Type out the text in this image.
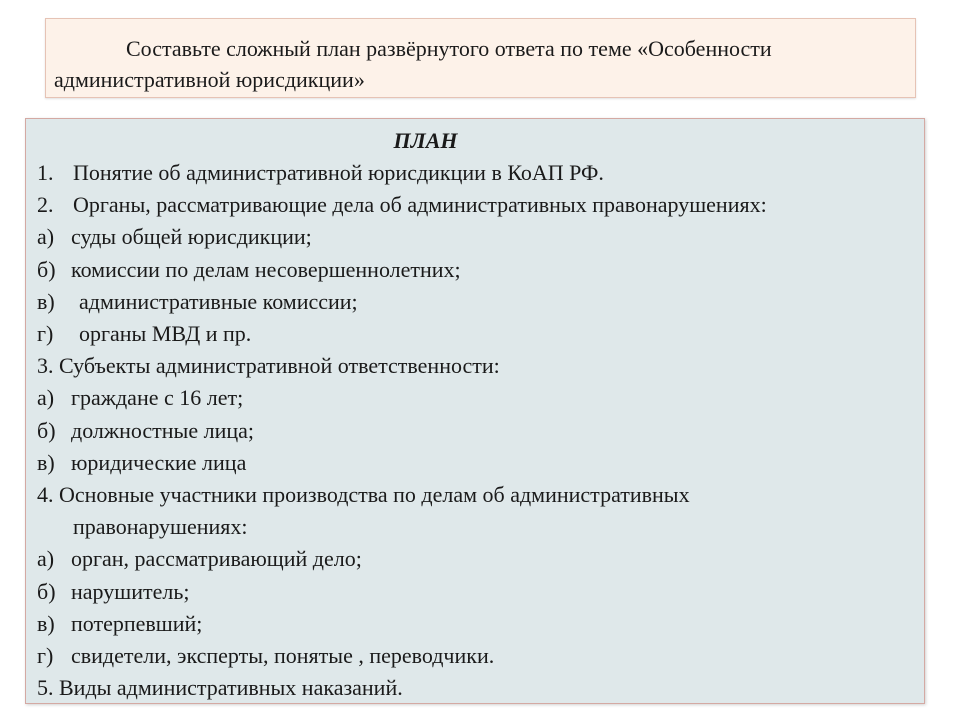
Составьте сложный план развёрнутого ответа по теме «Особенности административной юрисдикции»
ПЛАН
1. Понятие об административной юрисдикции в КоАП РФ.
2. Органы, рассматривающие дела об административных правонарушениях:
а) суды общей юрисдикции;
б) комиссии по делам несовершеннолетних;
в) административные комиссии;
г) органы МВД и пр.
3. Субъекты административной ответственности:
а) граждане с 16 лет;
б) должностные лица;
в) юридические лица
4. Основные участники производства по делам об административных
правонарушениях:
а) орган, рассматривающий дело;
б) нарушитель;
в) потерпевший;
г) свидетели, эксперты, понятые , переводчики.
5. Виды административных наказаний.
